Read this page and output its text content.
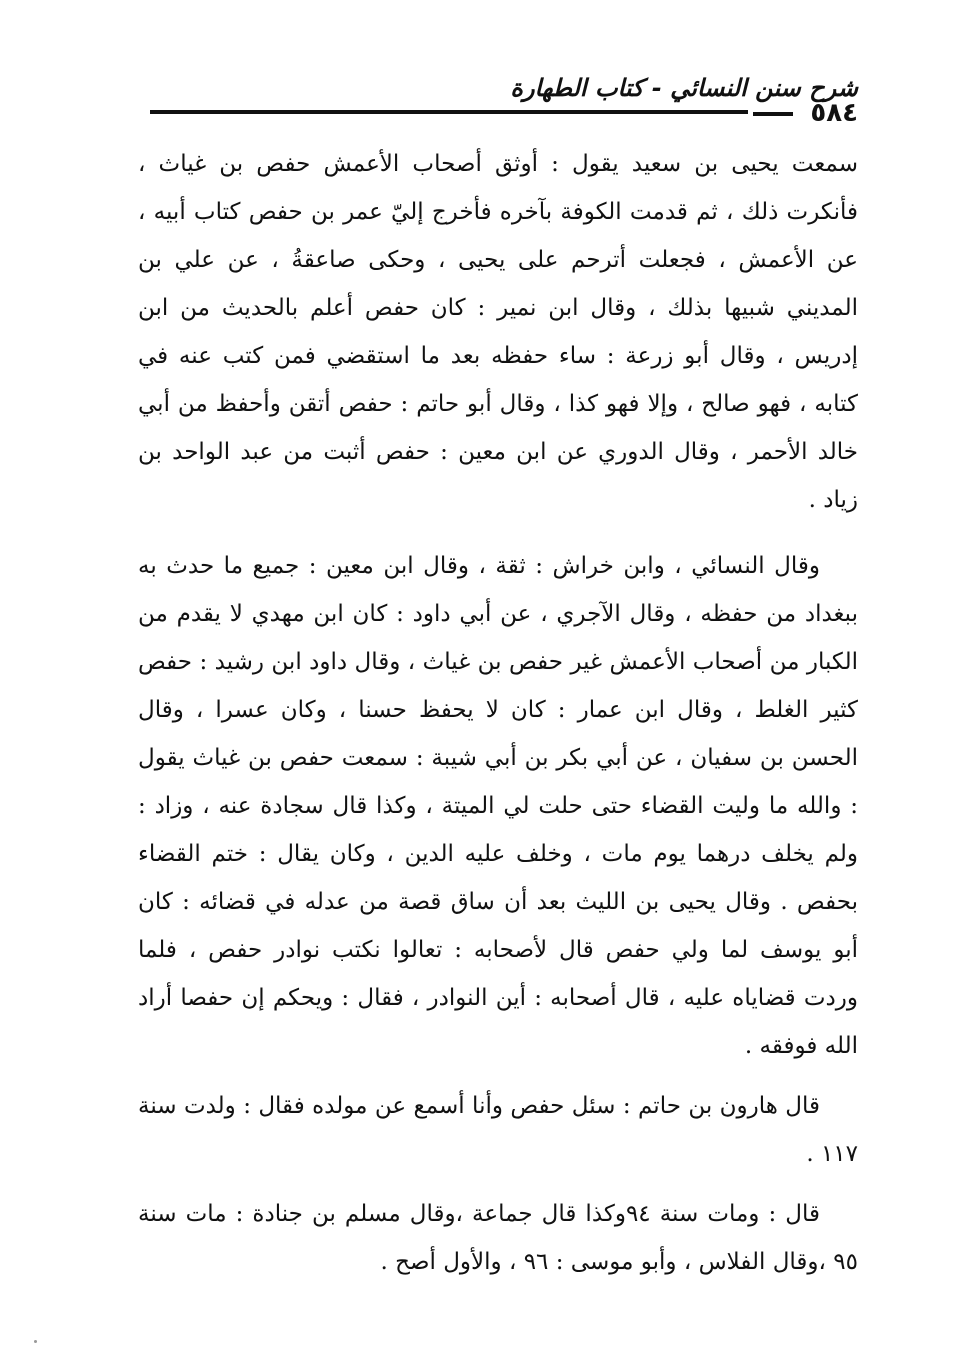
شرح سنن النسائي - كتاب الطهارة
٥٨٤

سمعت يحيى بن سعيد يقول : أوثق أصحاب الأعمش حفص بن غياث ، فأنكرت ذلك ، ثم قدمت الكوفة بآخره فأخرج إليّ عمر بن حفص كتاب أبيه ، عن الأعمش ، فجعلت أترحم على يحيى ، وحكى صاعقةُ ، عن علي بن المديني شبيها بذلك ، وقال ابن نمير : كان حفص أعلم بالحديث من ابن إدريس ، وقال أبو زرعة : ساء حفظه بعد ما استقضي فمن كتب عنه في كتابه ، فهو صالح ، وإلا فهو كذا ، وقال أبو حاتم : حفص أتقن وأحفظ من أبي خالد الأحمر ، وقال الدوري عن ابن معين : حفص أثبت من عبد الواحد بن زياد .

وقال النسائي ، وابن خراش : ثقة ، وقال ابن معين : جميع ما حدث به ببغداد من حفظه ، وقال الآجري ، عن أبي داود : كان ابن مهدي لا يقدم من الكبار من أصحاب الأعمش غير حفص بن غياث ، وقال داود ابن رشيد : حفص كثير الغلط ، وقال ابن عمار : كان لا يحفظ حسنا ، وكان عسرا ، وقال الحسن بن سفيان ، عن أبي بكر بن أبي شيبة : سمعت حفص بن غياث يقول : والله ما وليت القضاء حتى حلت لي الميتة ، وكذا قال سجادة عنه ، وزاد : ولم يخلف درهما يوم مات ، وخلف عليه الدين ، وكان يقال : ختم القضاء بحفص . وقال يحيى بن الليث بعد أن ساق قصة من عدله في قضائه : كان أبو يوسف لما ولي حفص قال لأصحابه : تعالوا نكتب نوادر حفص ، فلما وردت قضاياه عليه ، قال أصحابه : أين النوادر ، فقال : ويحكم إن حفصا أراد الله فوفقه .

قال هارون بن حاتم : سئل حفص وأنا أسمع عن مولده فقال : ولدت سنة ١١٧ .

قال : ومات سنة ٩٤وكذا قال جماعة ،وقال مسلم بن جنادة : مات سنة ٩٥ ،وقال الفلاس ، وأبو موسى : ٩٦ ، والأول أصح .
